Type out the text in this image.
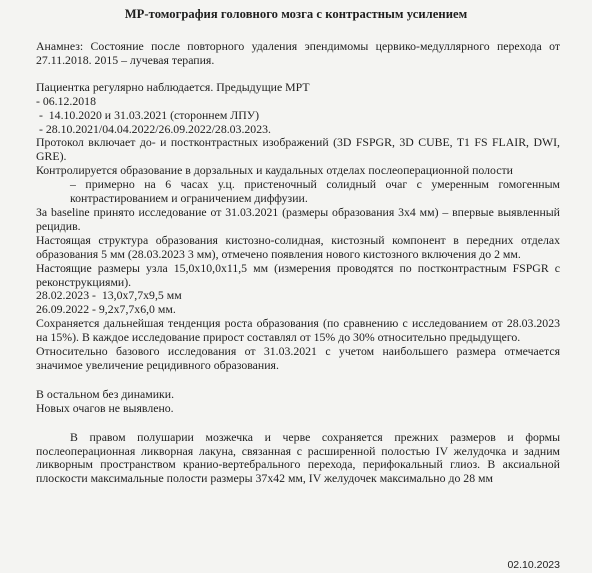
МР-томография головного мозга с контрастным усилением
Анамнез: Состояние после повторного удаления эпендимомы цервико-медуллярного перехода от 27.11.2018. 2015 – лучевая терапия.
Пациентка регулярно наблюдается. Предыдущие МРТ
- 06.12.2018
-  14.10.2020 и 31.03.2021 (стороннем ЛПУ)
- 28.10.2021/04.04.2022/26.09.2022/28.03.2023.
Протокол включает до- и постконтрастных изображений (3D FSPGR, 3D CUBE, T1 FS FLAIR, DWI, GRE).
Контролируется образование в дорзальных и каудальных отделах послеоперационной полости
– примерно на 6 часах у.ц. пристеночный солидный очаг с умеренным гомогенным контрастированием и ограничением диффузии.
За baseline принято исследование от 31.03.2021 (размеры образования 3х4 мм) – впервые выявленный рецидив.
Настоящая структура образования кистозно-солидная, кистозный компонент в передних отделах образования 5 мм (28.03.2023 3 мм), отмечено появления нового кистозного включения до 2 мм.
Настоящие размеры узла 15,0х10,0х11,5 мм (измерения проводятся по постконтрастным FSPGR с реконструкциями).
28.02.2023 -  13,0х7,7х9,5 мм
26.09.2022 - 9,2х7,7х6,0 мм.
Сохраняется дальнейшая тенденция роста образования (по сравнению с исследованием от 28.03.2023 на 15%). В каждое исследование прирост составлял от 15% до 30% относительно предыдущего.
Относительно базового исследования от 31.03.2021 с учетом наибольшего размера отмечается значимое увеличение рецидивного образования.
В остальном без динамики.
Новых очагов не выявлено.
В правом полушарии мозжечка и черве сохраняется прежних размеров и формы послеоперационная ликворная лакуна, связанная с расширенной полостью IV желудочка и задним ликворным пространством кранио-вертебрального перехода, перифокальный глиоз. В аксиальной плоскости максимальные полости размеры 37х42 мм, IV желудочек максимально до 28 мм
02.10.2023
